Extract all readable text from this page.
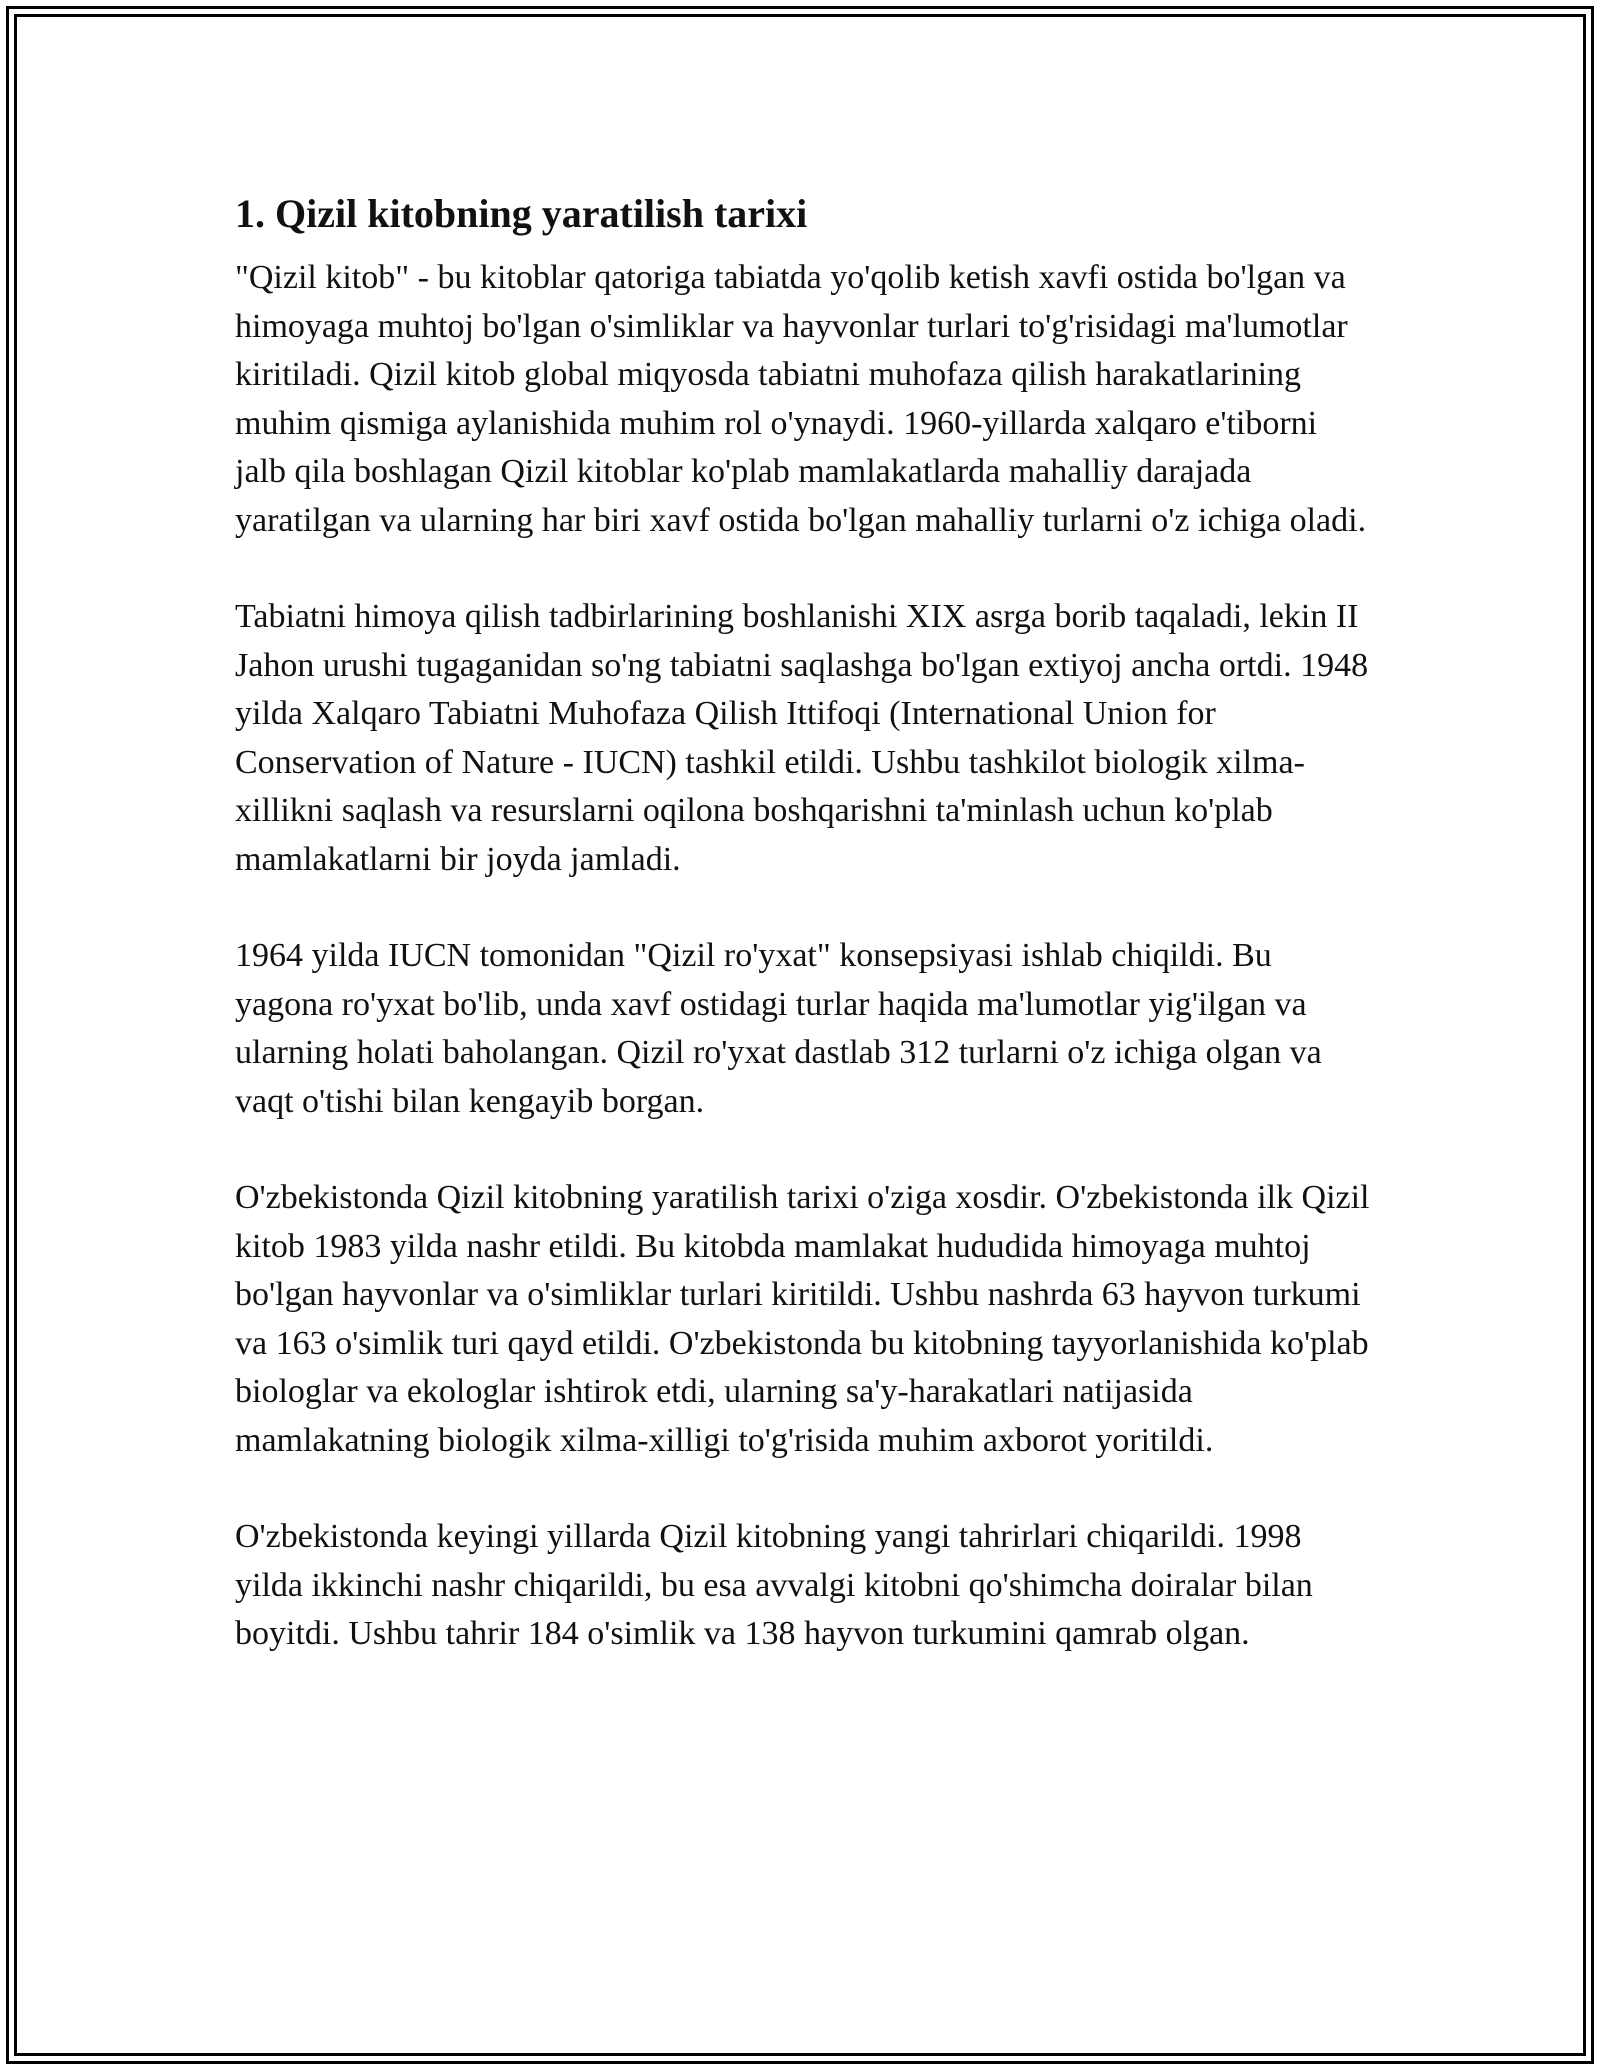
1. Qizil kitobning yaratilish tarixi

"Qizil kitob" - bu kitoblar qatoriga tabiatda yo'qolib ketish xavfi ostida bo'lgan va himoyaga muhtoj bo'lgan o'simliklar va hayvonlar turlari to'g'risidagi ma'lumotlar kiritiladi. Qizil kitob global miqyosda tabiatni muhofaza qilish harakatlarining muhim qismiga aylanishida muhim rol o'ynaydi. 1960-yillarda xalqaro e'tiborni jalb qila boshlagan Qizil kitoblar ko'plab mamlakatlarda mahalliy darajada yaratilgan va ularning har biri xavf ostida bo'lgan mahalliy turlarni o'z ichiga oladi.

Tabiatni himoya qilish tadbirlarining boshlanishi XIX asrga borib taqaladi, lekin II Jahon urushi tugaganidan so'ng tabiatni saqlashga bo'lgan extiyoj ancha ortdi. 1948 yilda Xalqaro Tabiatni Muhofaza Qilish Ittifoqi (International Union for Conservation of Nature - IUCN) tashkil etildi. Ushbu tashkilot biologik xilma-xillikni saqlash va resurslarni oqilona boshqarishni ta'minlash uchun ko'plab mamlakatlarni bir joyda jamladi.

1964 yilda IUCN tomonidan "Qizil ro'yxat" konsepsiyasi ishlab chiqildi. Bu yagona ro'yxat bo'lib, unda xavf ostidagi turlar haqida ma'lumotlar yig'ilgan va ularning holati baholangan. Qizil ro'yxat dastlab 312 turlarni o'z ichiga olgan va vaqt o'tishi bilan kengayib borgan.

O'zbekistonda Qizil kitobning yaratilish tarixi o'ziga xosdir. O'zbekistonda ilk Qizil kitob 1983 yilda nashr etildi. Bu kitobda mamlakat hududida himoyaga muhtoj bo'lgan hayvonlar va o'simliklar turlari kiritildi. Ushbu nashrda 63 hayvon turkumi va 163 o'simlik turi qayd etildi. O'zbekistonda bu kitobning tayyorlanishida ko'plab biologlar va ekologlar ishtirok etdi, ularning sa'y-harakatlari natijasida mamlakatning biologik xilma-xilligi to'g'risida muhim axborot yoritildi.

O'zbekistonda keyingi yillarda Qizil kitobning yangi tahrirlari chiqarildi. 1998 yilda ikkinchi nashr chiqarildi, bu esa avvalgi kitobni qo'shimcha doiralar bilan boyitdi. Ushbu tahrir 184 o'simlik va 138 hayvon turkumini qamrab olgan.
